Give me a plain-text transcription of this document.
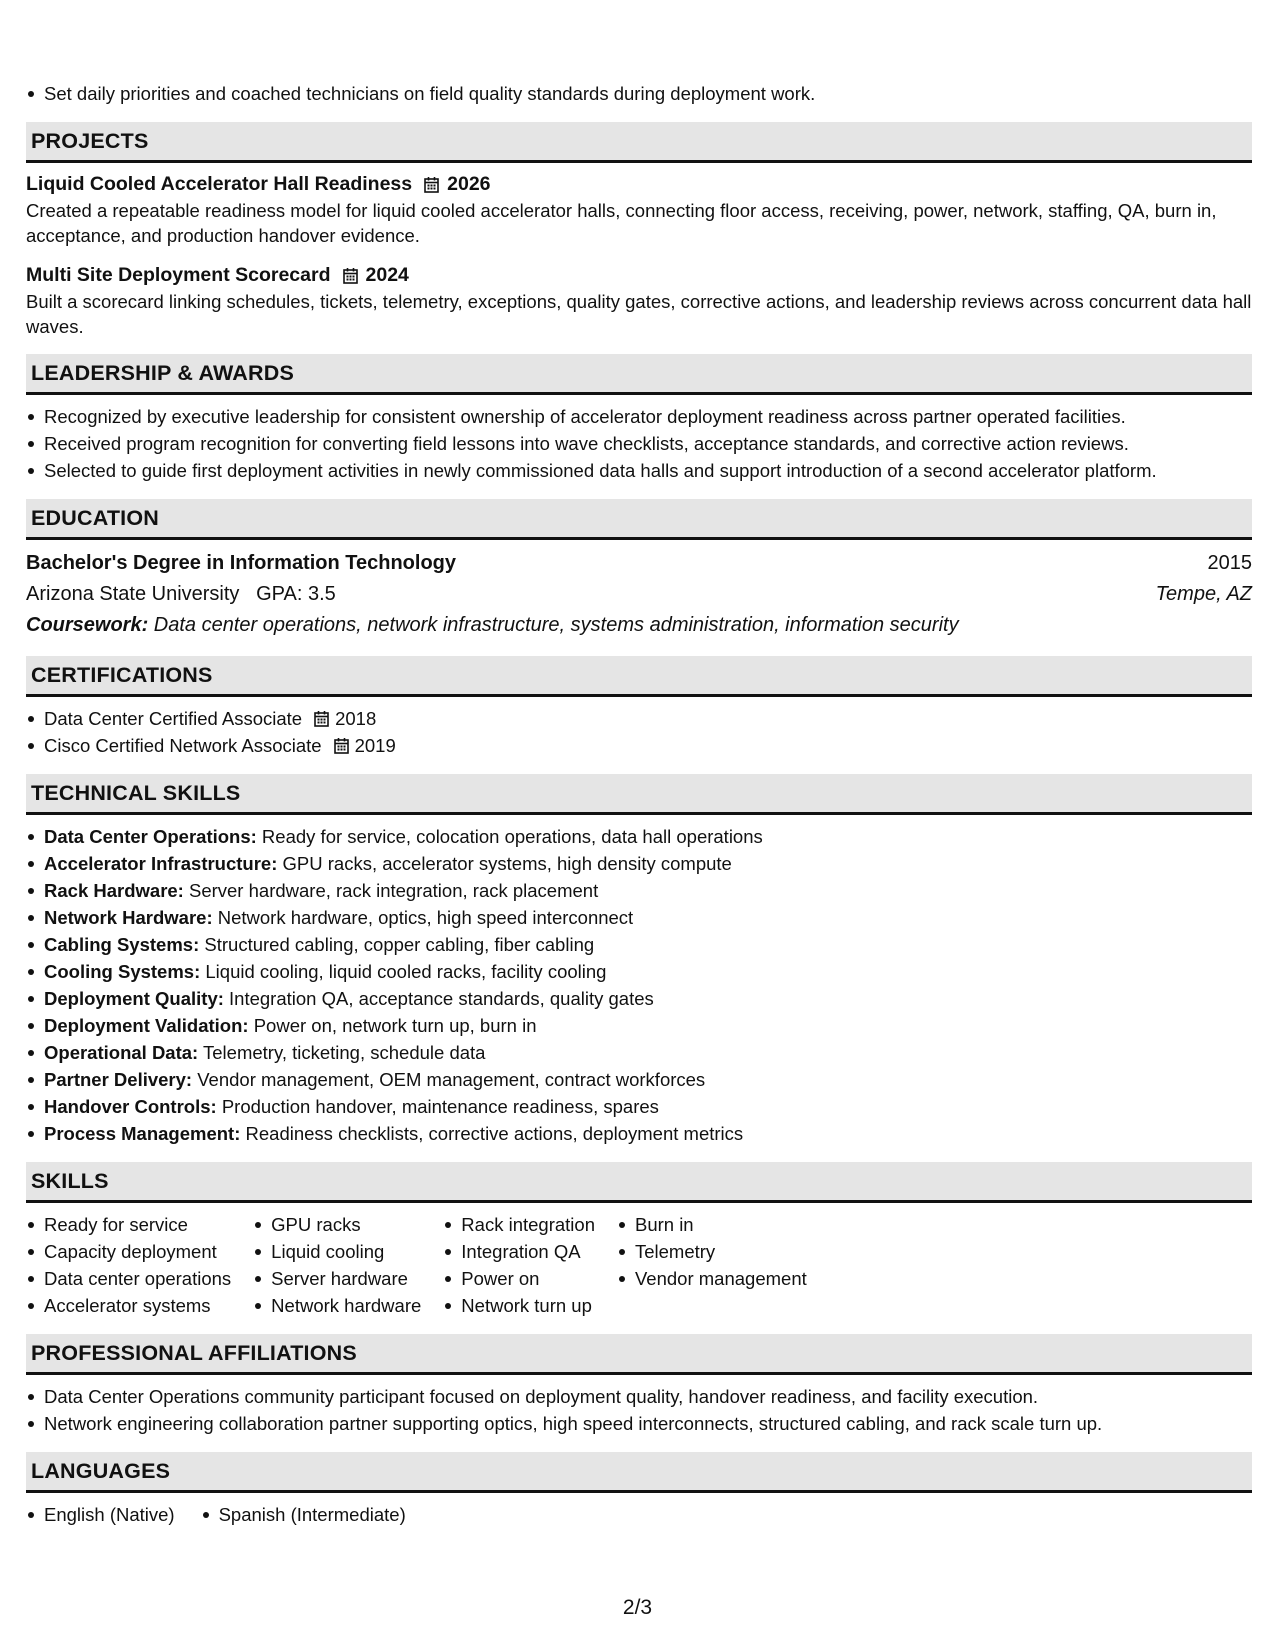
Set daily priorities and coached technicians on field quality standards during deployment work.
PROJECTS
Liquid Cooled Accelerator Hall Readiness 2026
Created a repeatable readiness model for liquid cooled accelerator halls, connecting floor access, receiving, power, network, staffing, QA, burn in, acceptance, and production handover evidence.
Multi Site Deployment Scorecard 2024
Built a scorecard linking schedules, tickets, telemetry, exceptions, quality gates, corrective actions, and leadership reviews across concurrent data hall waves.
LEADERSHIP & AWARDS
Recognized by executive leadership for consistent ownership of accelerator deployment readiness across partner operated facilities.
Received program recognition for converting field lessons into wave checklists, acceptance standards, and corrective action reviews.
Selected to guide first deployment activities in newly commissioned data halls and support introduction of a second accelerator platform.
EDUCATION
Bachelor's Degree in Information Technology	2015
Arizona State University   GPA: 3.5	Tempe, AZ
Coursework: Data center operations, network infrastructure, systems administration, information security
CERTIFICATIONS
Data Center Certified Associate 2018
Cisco Certified Network Associate 2019
TECHNICAL SKILLS
Data Center Operations: Ready for service, colocation operations, data hall operations
Accelerator Infrastructure: GPU racks, accelerator systems, high density compute
Rack Hardware: Server hardware, rack integration, rack placement
Network Hardware: Network hardware, optics, high speed interconnect
Cabling Systems: Structured cabling, copper cabling, fiber cabling
Cooling Systems: Liquid cooling, liquid cooled racks, facility cooling
Deployment Quality: Integration QA, acceptance standards, quality gates
Deployment Validation: Power on, network turn up, burn in
Operational Data: Telemetry, ticketing, schedule data
Partner Delivery: Vendor management, OEM management, contract workforces
Handover Controls: Production handover, maintenance readiness, spares
Process Management: Readiness checklists, corrective actions, deployment metrics
SKILLS
Ready for service
Capacity deployment
Data center operations
Accelerator systems
GPU racks
Liquid cooling
Server hardware
Network hardware
Rack integration
Integration QA
Power on
Network turn up
Burn in
Telemetry
Vendor management
PROFESSIONAL AFFILIATIONS
Data Center Operations community participant focused on deployment quality, handover readiness, and facility execution.
Network engineering collaboration partner supporting optics, high speed interconnects, structured cabling, and rack scale turn up.
LANGUAGES
English (Native) Spanish (Intermediate)
2/3
